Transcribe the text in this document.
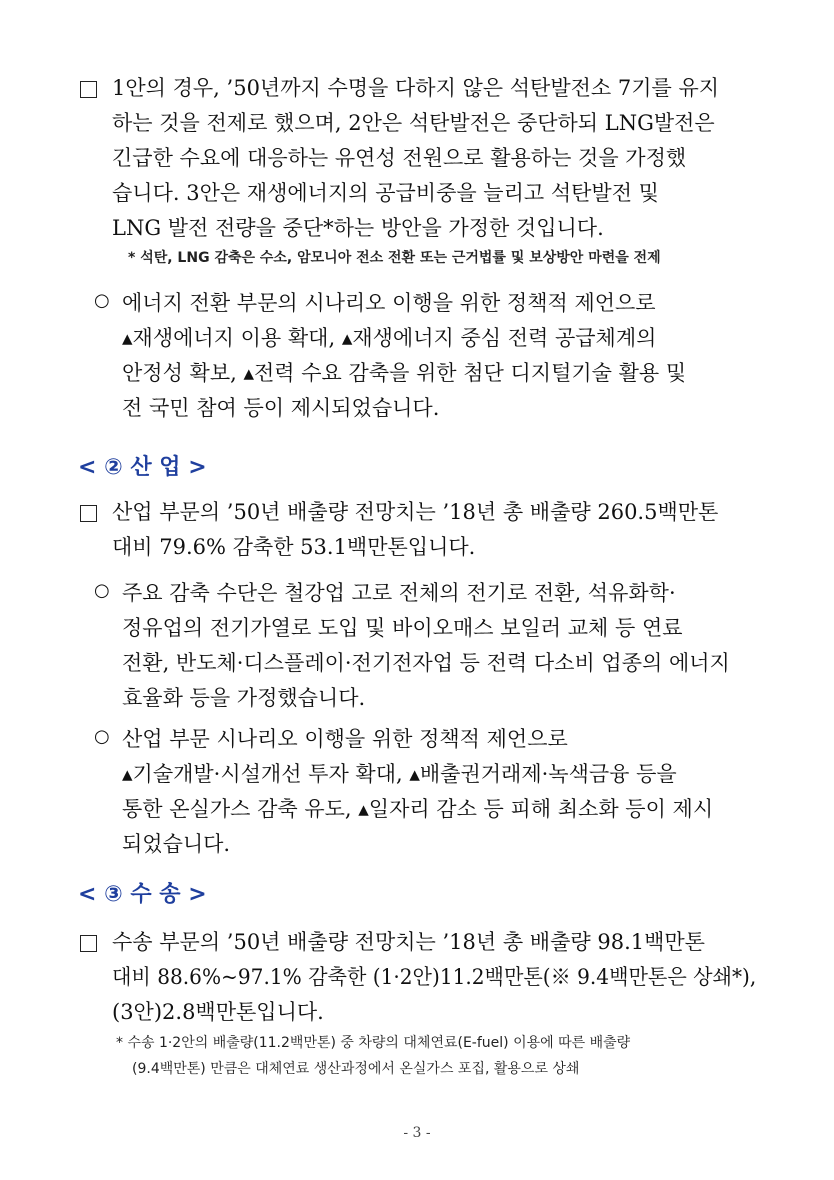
1안의 경우, ’50년까지 수명을 다하지 않은 석탄발전소 7기를 유지
하는 것을 전제로 했으며, 2안은 석탄발전은 중단하되 LNG발전은
긴급한 수요에 대응하는 유연성 전원으로 활용하는 것을 가정했
습니다. 3안은 재생에너지의 공급비중을 늘리고 석탄발전 및
LNG 발전 전량을 중단*하는 방안을 가정한 것입니다.
* 석탄, LNG 감축은 수소, 암모니아 전소 전환 또는 근거법률 및 보상방안 마련을 전제
○ 에너지 전환 부문의 시나리오 이행을 위한 정책적 제언으로
▴재생에너지 이용 확대, ▴재생에너지 중심 전력 공급체계의
안정성 확보, ▴전력 수요 감축을 위한 첨단 디지털기술 활용 및
전 국민 참여 등이 제시되었습니다.
< ② 산 업 >
산업 부문의 ’50년 배출량 전망치는 ’18년 총 배출량 260.5백만톤
대비 79.6% 감축한 53.1백만톤입니다.
○ 주요 감축 수단은 철강업 고로 전체의 전기로 전환, 석유화학·
정유업의 전기가열로 도입 및 바이오매스 보일러 교체 등 연료
전환, 반도체·디스플레이·전기전자업 등 전력 다소비 업종의 에너지
효율화 등을 가정했습니다.
○ 산업 부문 시나리오 이행을 위한 정책적 제언으로
▴기술개발·시설개선 투자 확대, ▴배출권거래제·녹색금융 등을
통한 온실가스 감축 유도, ▴일자리 감소 등 피해 최소화 등이 제시
되었습니다.
< ③ 수 송 >
수송 부문의 ’50년 배출량 전망치는 ’18년 총 배출량 98.1백만톤
대비 88.6%~97.1% 감축한 (1·2안)11.2백만톤(※ 9.4백만톤은 상쇄*),
(3안)2.8백만톤입니다.
* 수송 1·2안의 배출량(11.2백만톤) 중 차량의 대체연료(E-fuel) 이용에 따른 배출량
(9.4백만톤) 만큼은 대체연료 생산과정에서 온실가스 포집, 활용으로 상쇄
- 3 -
